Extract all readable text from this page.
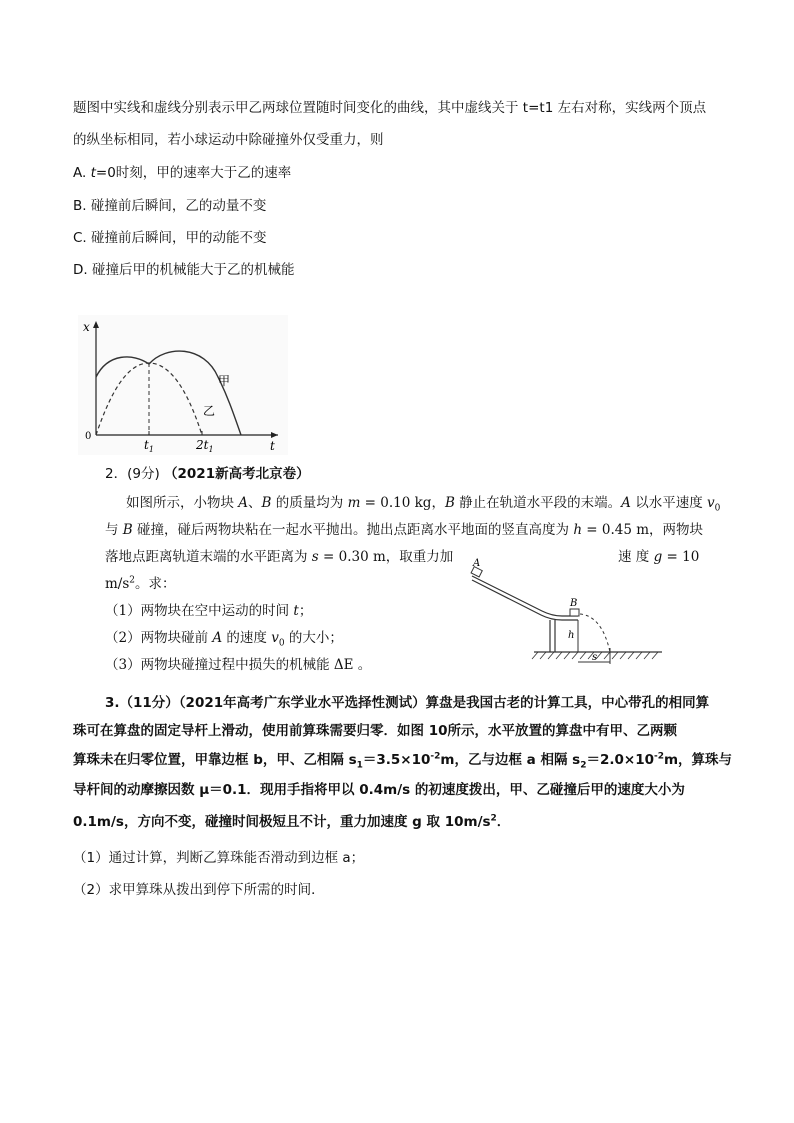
题图中实线和虚线分别表示甲乙两球位置随时间变化的曲线，其中虚线关于 t=t1 左右对称，实线两个顶点
的纵坐标相同，若小球运动中除碰撞外仅受重力，则
A. t=0时刻，甲的速率大于乙的速率
B. 碰撞前后瞬间，乙的动量不变
C. 碰撞前后瞬间，甲的动能不变
D. 碰撞后甲的机械能大于乙的机械能
x
t
0
$t_1$	$2t_1$
甲
乙
2．(9分) （2021新高考北京卷）
如图所示，小物块 A、B 的质量均为 m = 0.10 kg，B 静止在轨道水平段的末端。A 以水平速度 $v_0$
与 B 碰撞，碰后两物块粘在一起水平抛出。抛出点距离水平地面的竖直高度为 h = 0.45 m，两物块
落地点距离轨道末端的水平距离为 s = 0.30 m，取重力加	速 度 g = 10
$m/s^2$。求：
（1）两物块在空中运动的时间 t；
（2）两物块碰前 A 的速度 $v_0$ 的大小；
（3）两物块碰撞过程中损失的机械能 ΔE 。
A
B
h
s
3.（11分）（2021年高考广东学业水平选择性测试）算盘是我国古老的计算工具，中心带孔的相同算
珠可在算盘的固定导杆上滑动，使用前算珠需要归零．如图 10所示，水平放置的算盘中有甲、乙两颗
算珠未在归零位置，甲靠边框 b，甲、乙相隔 $s_1=3.5\times 10^{-2}m$，乙与边框 a 相隔 $s_2=2.0\times 10^{-2}m$，算珠与
导杆间的动摩擦因数 μ＝0.1．现用手指将甲以 0.4m/s 的初速度拨出，甲、乙碰撞后甲的速度大小为
0.1m/s，方向不变，碰撞时间极短且不计，重力加速度 g 取 $10m/s^2$．
（1）通过计算，判断乙算珠能否滑动到边框 a；
（2）求甲算珠从拨出到停下所需的时间．
